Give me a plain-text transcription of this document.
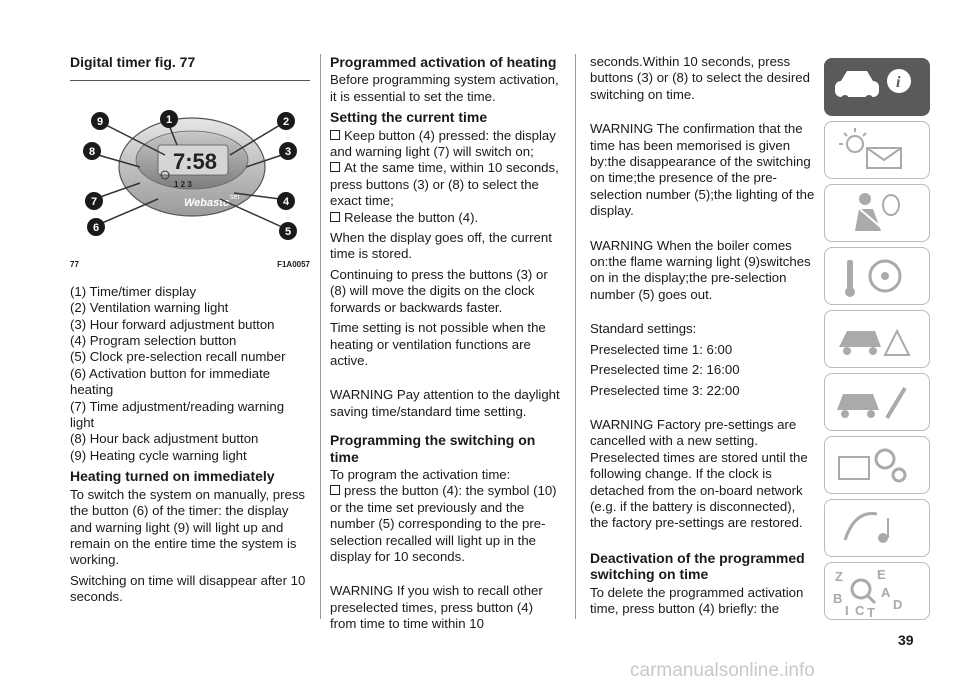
Digital timer fig. 77
7:58
1 2 3
Webasto set
9	1	2
8	3
7	4
6	5
77	F1A0057

(1) Time/timer display

(2) Ventilation warning light

(3) Hour forward adjustment button

(4) Program selection button

(5) Clock pre-selection recall number

(6) Activation button for immediate heating

(7) Time adjustment/reading warning light

(8) Hour back adjustment button

(9) Heating cycle warning light

Heating turned on immediately

To switch the system on manually, press the button (6) of the timer: the display and warning light (9) will light up and remain on the entire time the system is working.

Switching on time will disappear after 10 seconds.

Programmed activation of heating

Before programming system activation, it is essential to set the time.

Setting the current time

Keep button (4) pressed: the display and warning light (7) will switch on;

At the same time, within 10 seconds, press buttons (3) or (8) to select the exact time;

Release the button (4).

When the display goes off, the current time is stored.

Continuing to press the buttons (3) or (8) will move the digits on the clock forwards or backwards faster.

Time setting is not possible when the heating or ventilation functions are active.

WARNING Pay attention to the daylight saving time/standard time setting.

Programming the switching on time

To program the activation time:

press the button (4): the symbol (10) or the time set previously and the number (5) corresponding to the pre-selection recalled will light up in the display for 10 seconds.

WARNING If you wish to recall other preselected times, press button (4) from time to time within 10

seconds.Within 10 seconds, press buttons (3) or (8) to select the desired switching on time.

WARNING The confirmation that the time has been memorised is given by:the disappearance of the switching on time;the presence of the pre-selection number (5);the lighting of the display.

WARNING When the boiler comes on:the flame warning light (9)switches on in the display;the pre-selection number (5) goes out.

Standard settings:

Preselected time 1: 6:00

Preselected time 2: 16:00

Preselected time 3: 22:00

WARNING Factory pre-settings are cancelled with a new setting. Preselected times are stored until the following change. If the clock is detached from the on-board network (e.g. if the battery is disconnected), the factory pre-settings are restored.

Deactivation of the programmed switching on time

To delete the programmed activation time, press button (4) briefly: the

i
Z	E
B	A
I C T
D
39
carmanualsonline.info
